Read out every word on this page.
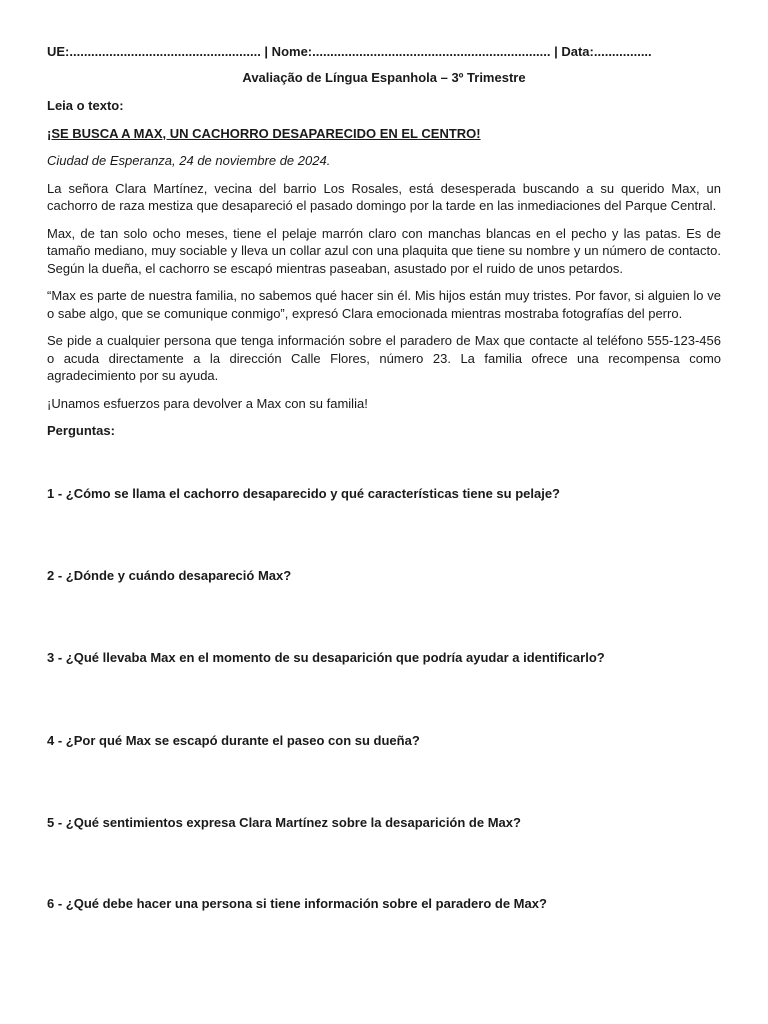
UE:..................................................... | Nome:.................................................................. | Data:................
Avaliação de Língua Espanhola – 3º Trimestre

Leia o texto:

¡SE BUSCA A MAX, UN CACHORRO DESAPARECIDO EN EL CENTRO!

Ciudad de Esperanza, 24 de noviembre de 2024.

La señora Clara Martínez, vecina del barrio Los Rosales, está desesperada buscando a su querido Max, un cachorro de raza mestiza que desapareció el pasado domingo por la tarde en las inmediaciones del Parque Central.

Max, de tan solo ocho meses, tiene el pelaje marrón claro con manchas blancas en el pecho y las patas. Es de tamaño mediano, muy sociable y lleva un collar azul con una plaquita que tiene su nombre y un número de contacto. Según la dueña, el cachorro se escapó mientras paseaban, asustado por el ruido de unos petardos.

“Max es parte de nuestra familia, no sabemos qué hacer sin él. Mis hijos están muy tristes. Por favor, si alguien lo ve o sabe algo, que se comunique conmigo”, expresó Clara emocionada mientras mostraba fotografías del perro.

Se pide a cualquier persona que tenga información sobre el paradero de Max que contacte al teléfono 555-123-456 o acuda directamente a la dirección Calle Flores, número 23. La familia ofrece una recompensa como agradecimiento por su ayuda.

¡Unamos esfuerzos para devolver a Max con su familia!

Perguntas:

1 - ¿Cómo se llama el cachorro desaparecido y qué características tiene su pelaje?
2 - ¿Dónde y cuándo desapareció Max?
3 - ¿Qué llevaba Max en el momento de su desaparición que podría ayudar a identificarlo?
4 - ¿Por qué Max se escapó durante el paseo con su dueña?
5 - ¿Qué sentimientos expresa Clara Martínez sobre la desaparición de Max?
6 - ¿Qué debe hacer una persona si tiene información sobre el paradero de Max?
